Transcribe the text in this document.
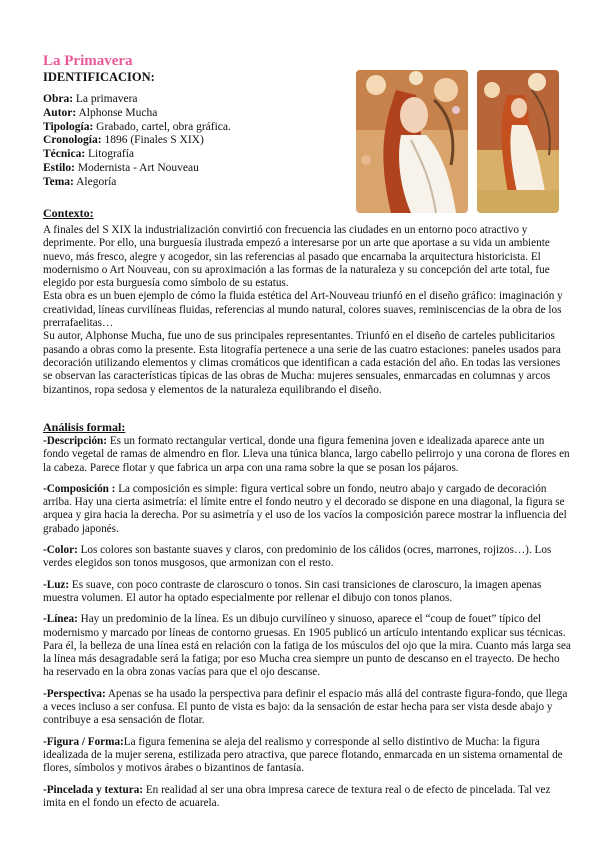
La Primavera
IDENTIFICACION:
Obra: La primavera
Autor: Alphonse Mucha
Tipología: Grabado, cartel, obra gráfica.
Cronología: 1896 (Finales S XIX)
Técnica: Litografía
Estilo: Modernista - Art Nouveau
Tema: Alegoría
Contexto:

A finales del S XIX la industrialización convirtió con frecuencia las ciudades en un entorno poco atractivo y deprimente. Por ello, una burguesía ilustrada empezó a interesarse por un arte que aportase a su vida un ambiente nuevo, más fresco, alegre y acogedor, sin las referencias al pasado que encarnaba la arquitectura historicista. El modernismo o Art Nouveau, con su aproximación a las formas de la naturaleza y su concepción del arte total, fue elegido por esta burguesía como símbolo de su estatus.

Esta obra es un buen ejemplo de cómo la fluida estética del Art-Nouveau triunfó en el diseño gráfico: imaginación y creatividad, líneas curvilíneas fluidas, referencias al mundo natural, colores suaves, reminiscencias de la obra de los prerrafaelitas…

Su autor, Alphonse Mucha, fue uno de sus principales representantes. Triunfó en el diseño de carteles publicitarios pasando a obras como la presente. Esta litografía pertenece a una serie de las cuatro estaciones: paneles usados para decoración utilizando elementos y climas cromáticos que identifican a cada estación del año. En todas las versiones se observan las características típicas de las obras de Mucha: mujeres sensuales, enmarcadas en columnas y arcos bizantinos, ropa sedosa y elementos de la naturaleza equilibrando el diseño.

Análisis formal:

-Descripción: Es un formato rectangular vertical, donde una figura femenina joven e idealizada aparece ante un fondo vegetal de ramas de almendro en flor. Lleva una túnica blanca, largo cabello pelirrojo y una corona de flores en la cabeza. Parece flotar y que fabrica un arpa con una rama sobre la que se posan los pájaros.

-Composición : La composición es simple: figura vertical sobre un fondo, neutro abajo y cargado de decoración arriba. Hay una cierta asimetría: el límite entre el fondo neutro y el decorado se dispone en una diagonal, la figura se arquea y gira hacia la derecha. Por su asimetría y el uso de los vacíos la composición parece mostrar la influencia del grabado japonés.

-Color: Los colores son bastante suaves y claros, con predominio de los cálidos (ocres, marrones, rojizos…). Los verdes elegidos son tonos musgosos, que armonizan con el resto.

-Luz: Es suave, con poco contraste de claroscuro o tonos. Sin casi transiciones de claroscuro, la imagen apenas muestra volumen. El autor ha optado especialmente por rellenar el dibujo con tonos planos.

-Línea: Hay un predominio de la línea. Es un dibujo curvilíneo y sinuoso, aparece el “coup de fouet” típico del modernismo y marcado por líneas de contorno gruesas. En 1905 publicó un artículo intentando explicar sus técnicas. Para él, la belleza de una línea está en relación con la fatiga de los músculos del ojo que la mira. Cuanto más larga sea la línea más desagradable será la fatiga; por eso Mucha crea siempre un punto de descanso en el trayecto. De hecho ha reservado en la obra zonas vacías para que el ojo descanse.

-Perspectiva: Apenas se ha usado la perspectiva para definir el espacio más allá del contraste figura-fondo, que llega a veces incluso a ser confusa. El punto de vista es bajo: da la sensación de estar hecha para ser vista desde abajo y contribuye a esa sensación de flotar.

-Figura / Forma:La figura femenina se aleja del realismo y corresponde al sello distintivo de Mucha: la figura idealizada de la mujer serena, estilizada pero atractiva, que parece flotando, enmarcada en un sistema ornamental de flores, símbolos y motivos árabes o bizantinos de fantasía.

-Pincelada y textura: En realidad al ser una obra impresa carece de textura real o de efecto de pincelada. Tal vez imita en el fondo un efecto de acuarela.
